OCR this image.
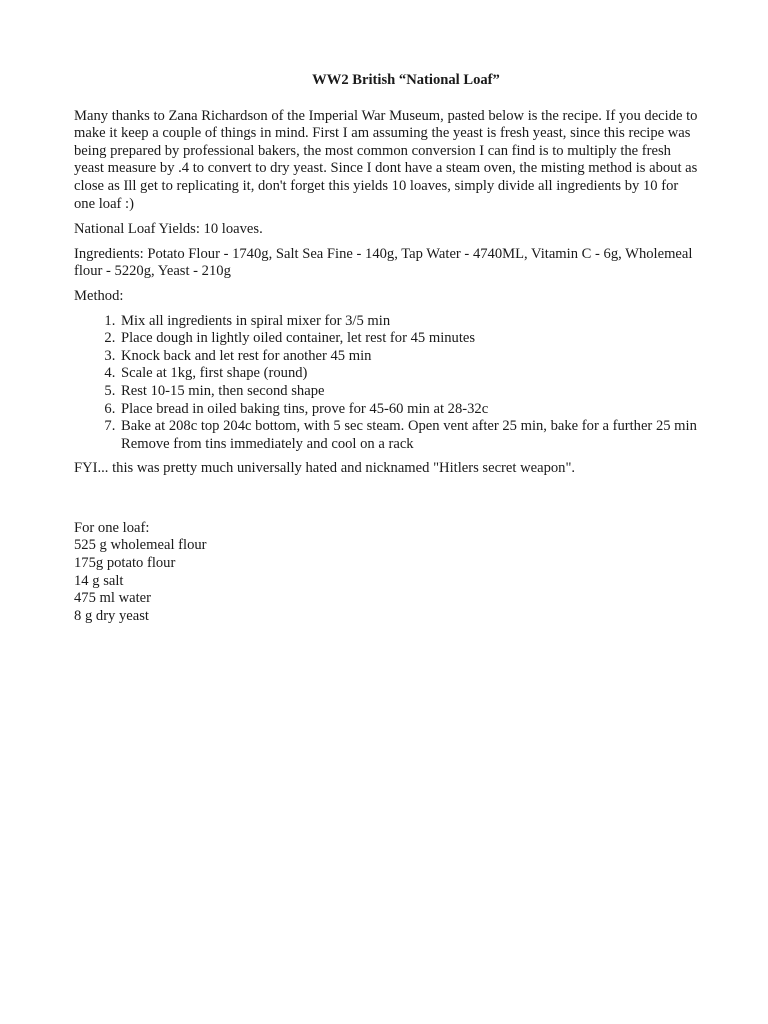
WW2 British “National Loaf”

Many thanks to Zana Richardson of the Imperial War Museum, pasted below is the recipe. If you decide to make it keep a couple of things in mind. First I am assuming the yeast is fresh yeast, since this recipe was being prepared by professional bakers, the most common conversion I can find is to multiply the fresh yeast measure by .4 to convert to dry yeast. Since I dont have a steam oven, the misting method is about as close as Ill get to replicating it, don't forget this yields 10 loaves, simply divide all ingredients by 10 for one loaf :)

National Loaf Yields: 10 loaves.

Ingredients: Potato Flour - 1740g, Salt Sea Fine - 140g, Tap Water - 4740ML, Vitamin C - 6g, Wholemeal flour - 5220g, Yeast - 210g

Method:

1. Mix all ingredients in spiral mixer for 3/5 min
2. Place dough in lightly oiled container, let rest for 45 minutes
3. Knock back and let rest for another 45 min
4. Scale at 1kg, first shape (round)
5. Rest 10-15 min, then second shape
6. Place bread in oiled baking tins, prove for 45-60 min at 28-32c
7. Bake at 208c top 204c bottom, with 5 sec steam. Open vent after 25 min, bake for a further 25 min Remove from tins immediately and cool on a rack

FYI... this was pretty much universally hated and nicknamed "Hitlers secret weapon".

For one loaf:
525 g wholemeal flour
175g potato flour
14 g salt
475 ml water
8 g dry yeast
